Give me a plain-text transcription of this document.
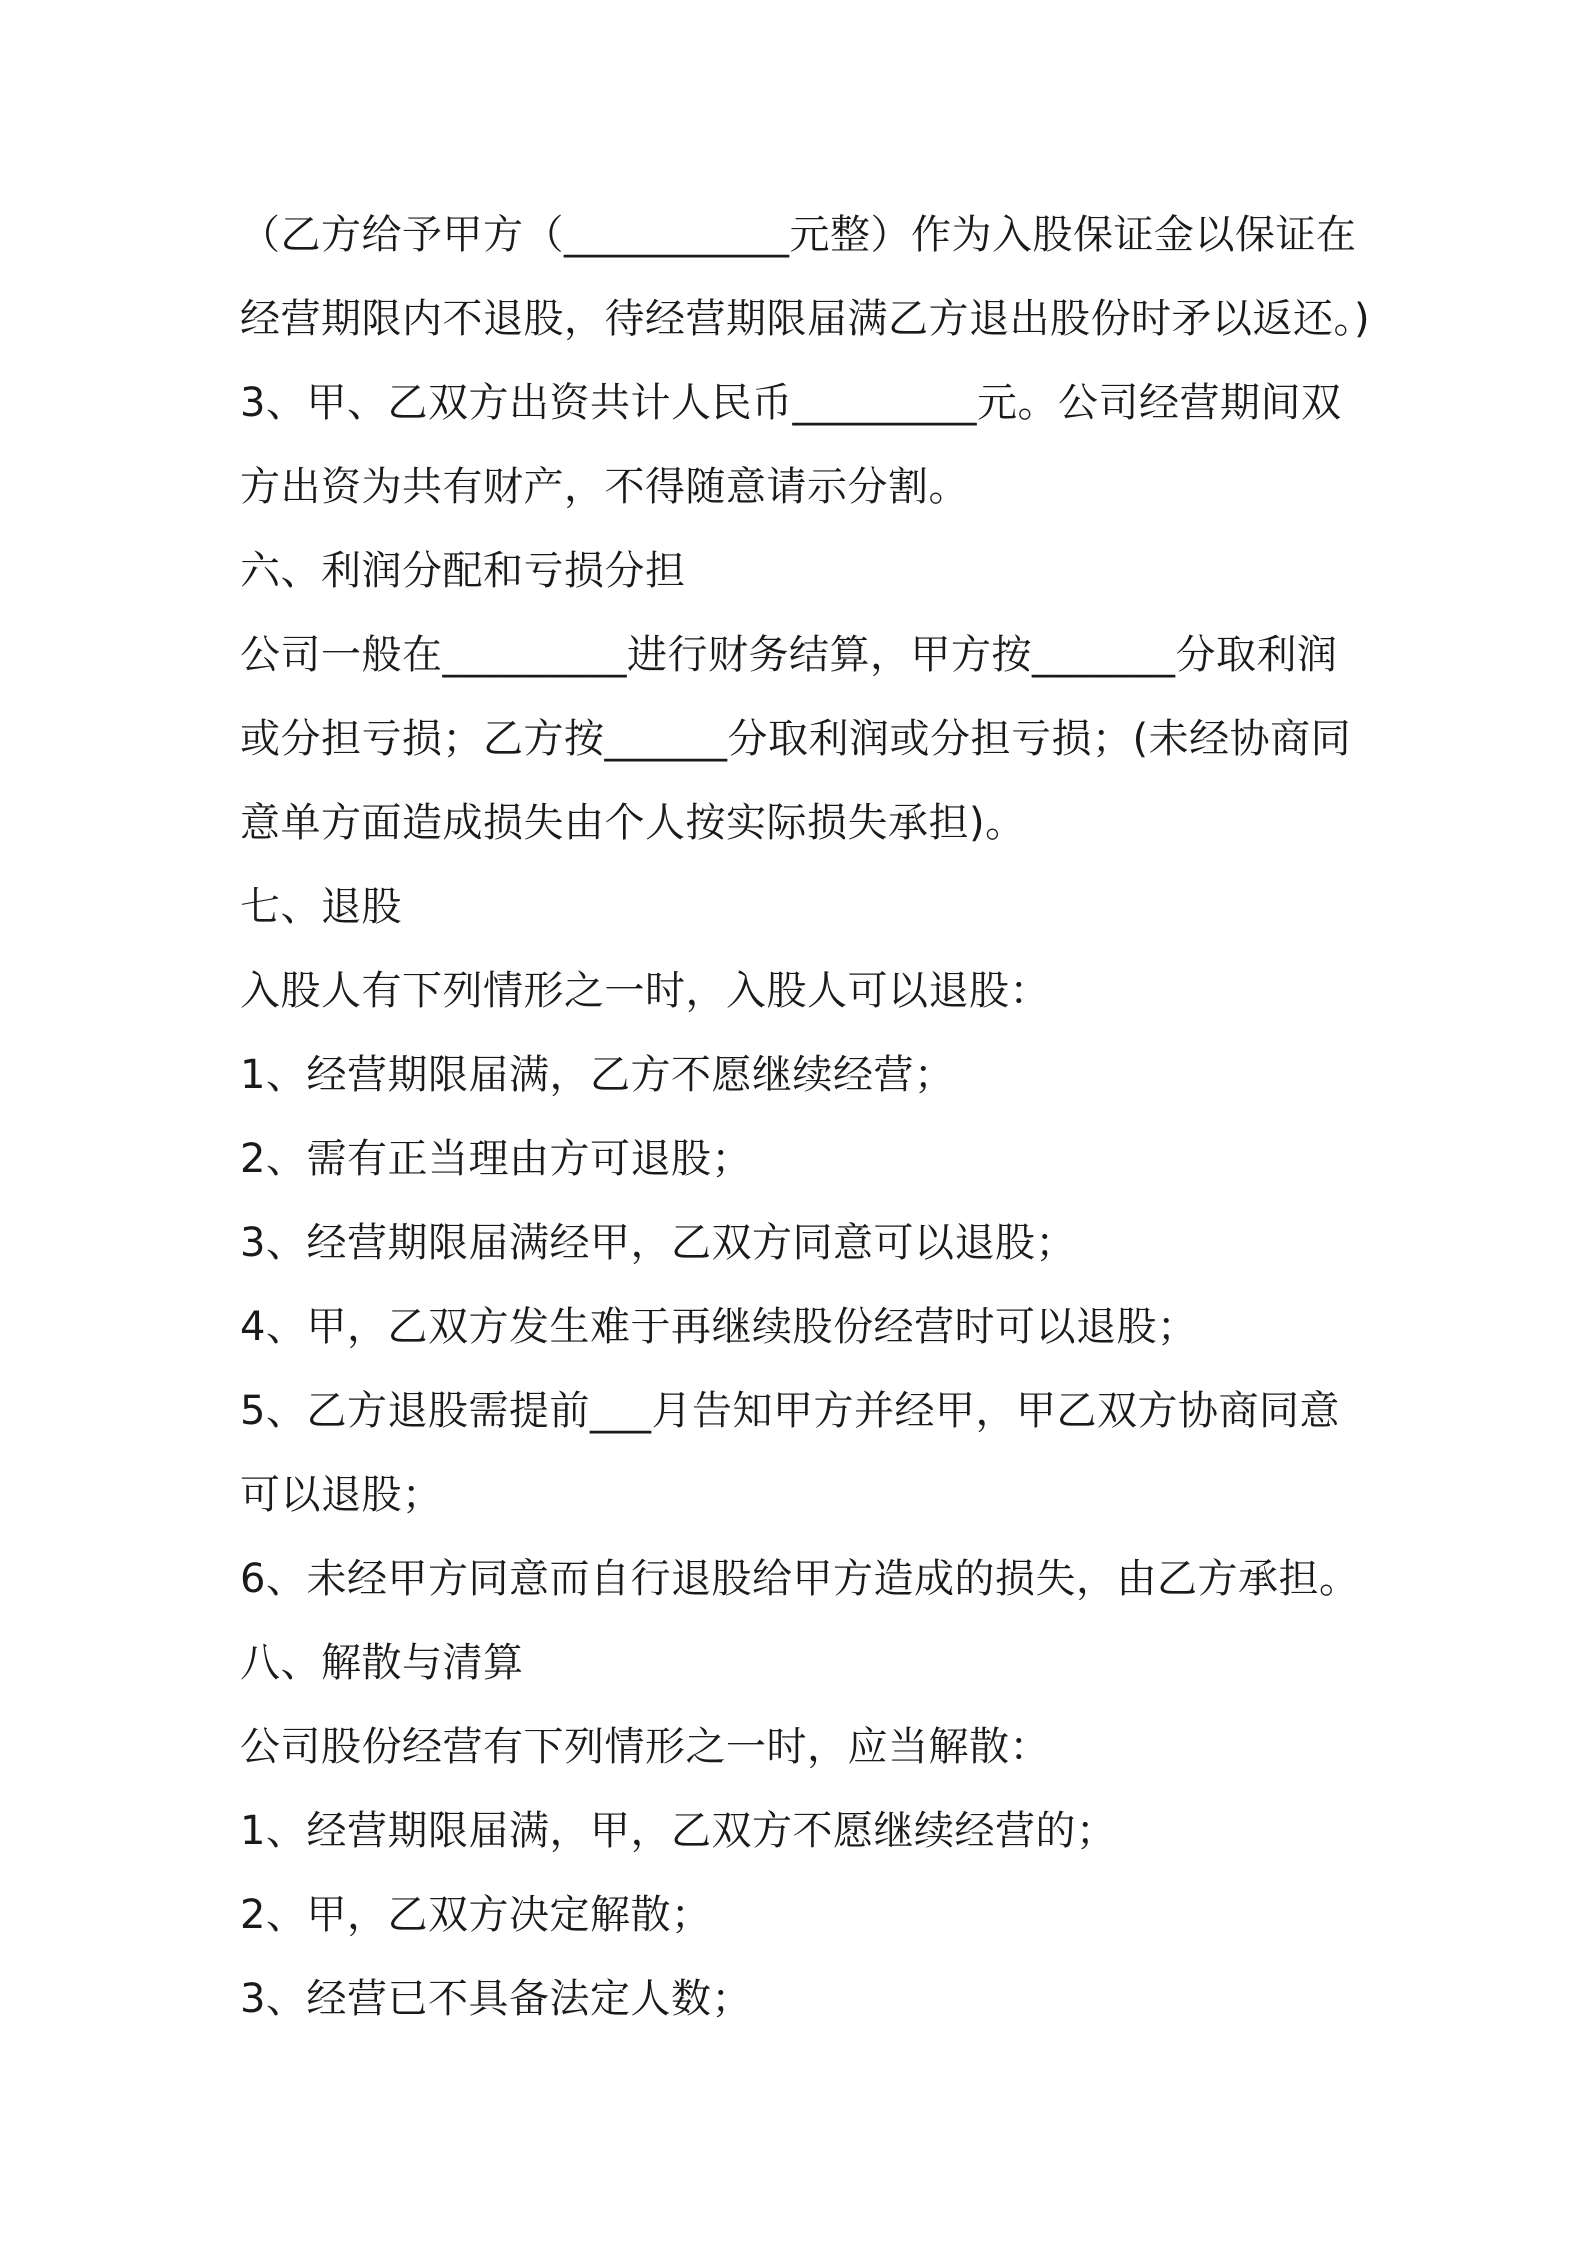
（乙方给予甲方（___________元整）作为入股保证金以保证在
经营期限内不退股，待经营期限届满乙方退出股份时矛以返还。)
3、甲、乙双方出资共计人民币_________元。公司经营期间双
方出资为共有财产，不得随意请示分割。
六、利润分配和亏损分担
公司一般在_________进行财务结算，甲方按_______分取利润
或分担亏损；乙方按______分取利润或分担亏损；(未经协商同
意单方面造成损失由个人按实际损失承担)。
七、退股
入股人有下列情形之一时，入股人可以退股：
1、经营期限届满，乙方不愿继续经营；
2、需有正当理由方可退股；
3、经营期限届满经甲，乙双方同意可以退股；
4、甲，乙双方发生难于再继续股份经营时可以退股；
5、乙方退股需提前___月告知甲方并经甲，甲乙双方协商同意
可以退股；
6、未经甲方同意而自行退股给甲方造成的损失，由乙方承担。
八、解散与清算
公司股份经营有下列情形之一时，应当解散：
1、经营期限届满，甲，乙双方不愿继续经营的；
2、甲，乙双方决定解散；
3、经营已不具备法定人数；
